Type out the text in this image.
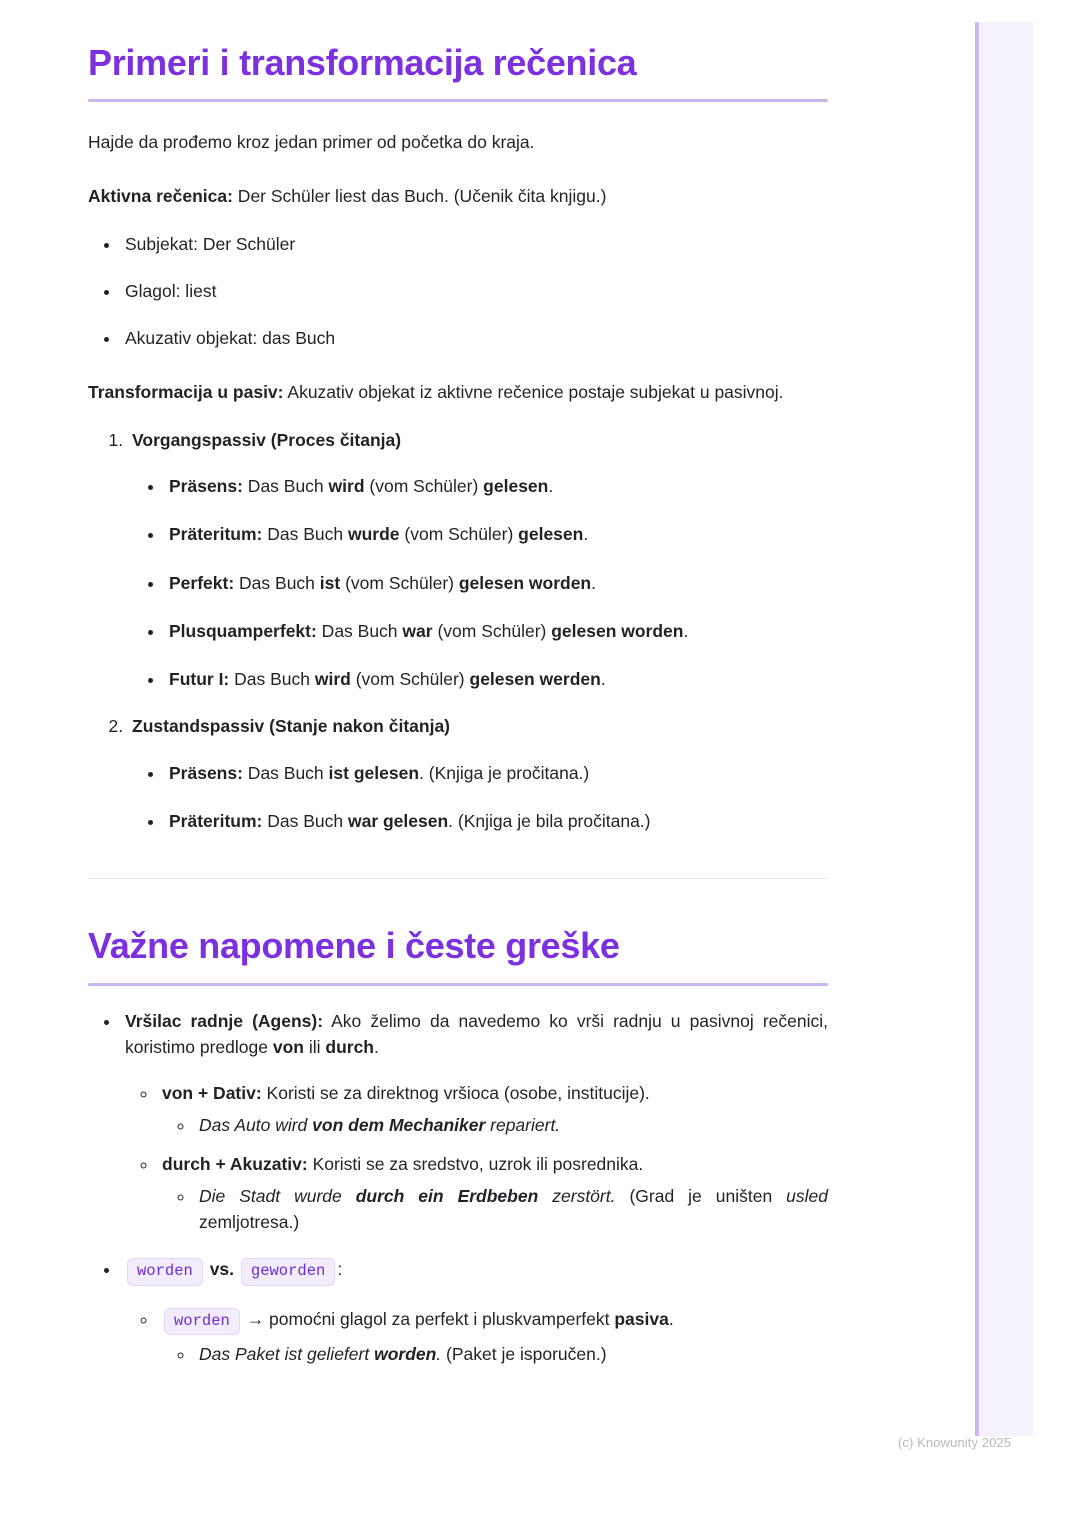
(c) Knowunity 2025
Primeri i transformacija rečenica

Hajde da prođemo kroz jedan primer od početka do kraja.

Aktivna rečenica: Der Schüler liest das Buch. (Učenik čita knjigu.)

• Subjekat: Der Schüler
• Glagol: liest
• Akuzativ objekat: das Buch

Transformacija u pasiv: Akuzativ objekat iz aktivne rečenice postaje subjekat u pasivnoj.

1. Vorgangspassiv (Proces čitanja)
• Präsens: Das Buch wird (vom Schüler) gelesen.
• Präteritum: Das Buch wurde (vom Schüler) gelesen.
• Perfekt: Das Buch ist (vom Schüler) gelesen worden.
• Plusquamperfekt: Das Buch war (vom Schüler) gelesen worden.
• Futur I: Das Buch wird (vom Schüler) gelesen werden.
2. Zustandspassiv (Stanje nakon čitanja)
• Präsens: Das Buch ist gelesen. (Knjiga je pročitana.)
• Präteritum: Das Buch war gelesen. (Knjiga je bila pročitana.)
Važne napomene i česte greške
• Vršilac radnje (Agens): Ako želimo da navedemo ko vrši radnju u pasivnoj rečenici, koristimo predloge von ili durch.
◦ von + Dativ: Koristi se za direktnog vršioca (osobe, institucije).
◦ Das Auto wird von dem Mechaniker repariert.
◦ durch + Akuzativ: Koristi se za sredstvo, uzrok ili posrednika.
◦ Die Stadt wurde durch ein Erdbeben zerstört. (Grad je uništen usled zemljotresa.)
• worden vs. geworden :
◦ worden → pomoćni glagol za perfekt i pluskvamperfekt pasiva.
◦ Das Paket ist geliefert worden. (Paket je isporučen.)
